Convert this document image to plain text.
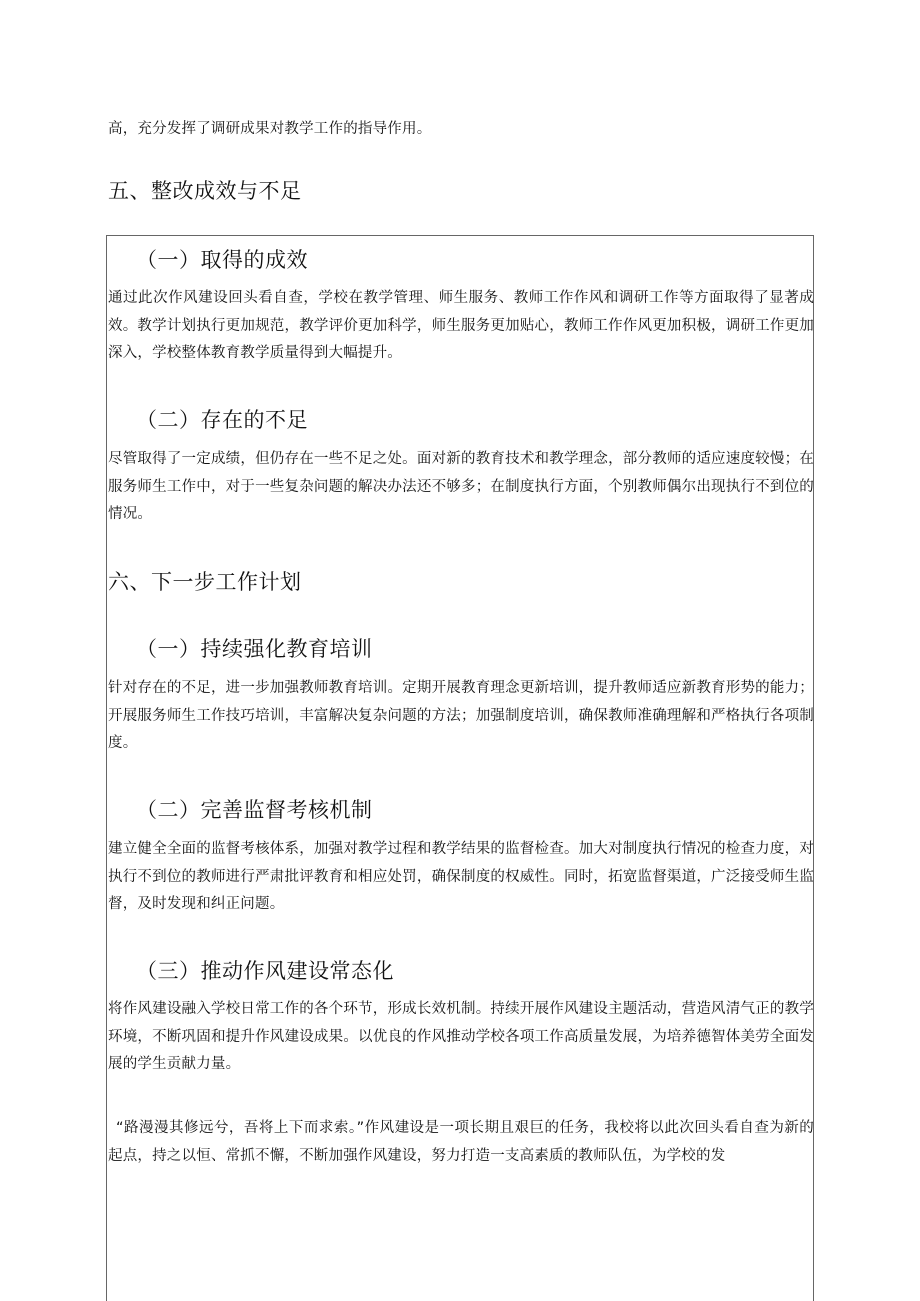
高，充分发挥了调研成果对教学工作的指导作用。

五、整改成效与不足
（一）取得的成效

通过此次作风建设回头看自查，学校在教学管理、师生服务、教师工作作风和调研工作等方面取得了显著成效。教学计划执行更加规范，教学评价更加科学，师生服务更加贴心，教师工作作风更加积极，调研工作更加深入，学校整体教育教学质量得到大幅提升。

（二）存在的不足

尽管取得了一定成绩，但仍存在一些不足之处。面对新的教育技术和教学理念，部分教师的适应速度较慢；在服务师生工作中，对于一些复杂问题的解决办法还不够多；在制度执行方面，个别教师偶尔出现执行不到位的情况。

六、下一步工作计划
（一）持续强化教育培训

针对存在的不足，进一步加强教师教育培训。定期开展教育理念更新培训，提升教师适应新教育形势的能力；开展服务师生工作技巧培训，丰富解决复杂问题的方法；加强制度培训，确保教师准确理解和严格执行各项制度。

（二）完善监督考核机制

建立健全全面的监督考核体系，加强对教学过程和教学结果的监督检查。加大对制度执行情况的检查力度，对执行不到位的教师进行严肃批评教育和相应处罚，确保制度的权威性。同时，拓宽监督渠道，广泛接受师生监督，及时发现和纠正问题。

（三）推动作风建设常态化

将作风建设融入学校日常工作的各个环节，形成长效机制。持续开展作风建设主题活动，营造风清气正的教学环境，不断巩固和提升作风建设成果。以优良的作风推动学校各项工作高质量发展，为培养德智体美劳全面发展的学生贡献力量。

“路漫漫其修远兮，吾将上下而求索。”作风建设是一项长期且艰巨的任务，我校将以此次回头看自查为新的起点，持之以恒、常抓不懈，不断加强作风建设，努力打造一支高素质的教师队伍，为学校的发
